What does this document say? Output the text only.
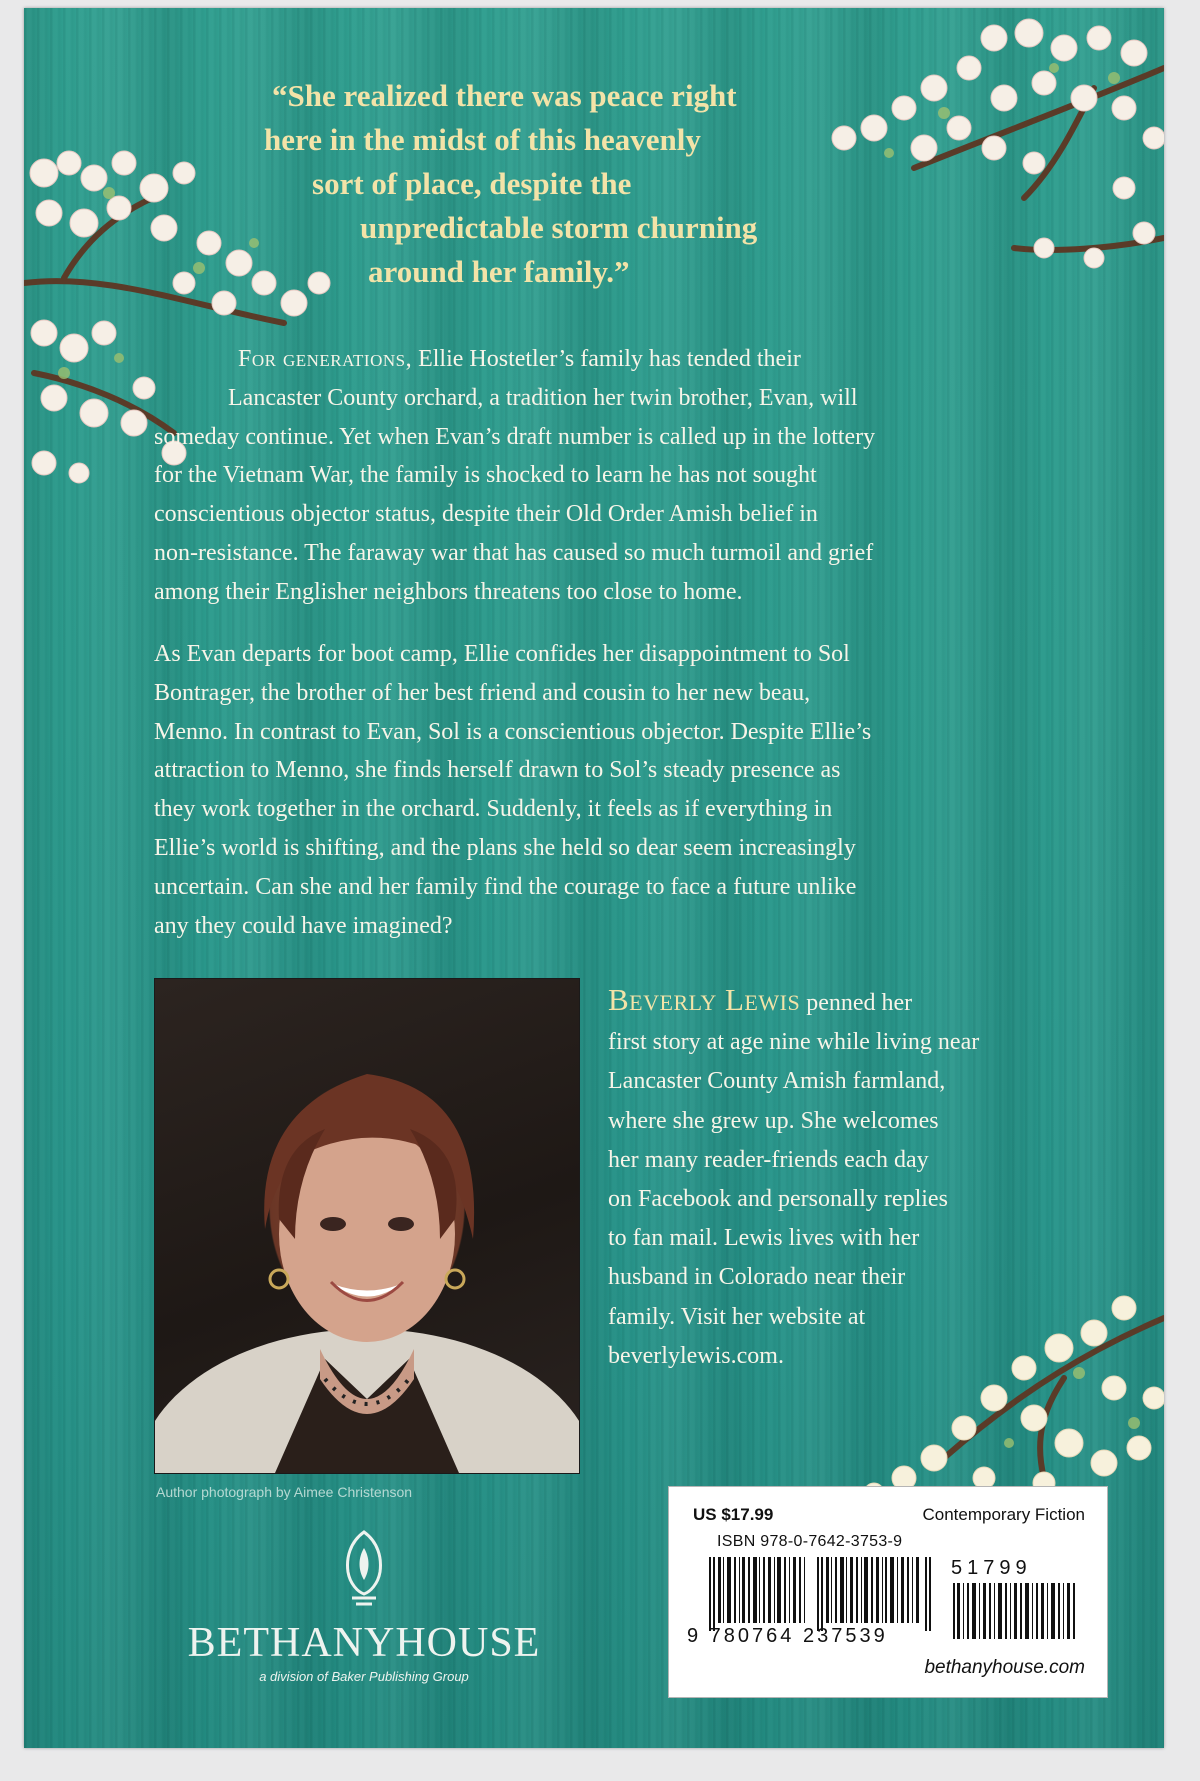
“She realized there was peace right
here in the midst of this heavenly
sort of place, despite the
unpredictable storm churning
around her family.”
For generations, Ellie Hostetler’s family has tended their
Lancaster County orchard, a tradition her twin brother, Evan, will
someday continue. Yet when Evan’s draft number is called up in the lottery
for the Vietnam War, the family is shocked to learn he has not sought
conscientious objector status, despite their Old Order Amish belief in
non-resistance. The faraway war that has caused so much turmoil and grief
among their Englisher neighbors threatens too close to home.
As Evan departs for boot camp, Ellie confides her disappointment to Sol
Bontrager, the brother of her best friend and cousin to her new beau,
Menno. In contrast to Evan, Sol is a conscientious objector. Despite Ellie’s
attraction to Menno, she finds herself drawn to Sol’s steady presence as
they work together in the orchard. Suddenly, it feels as if everything in
Ellie’s world is shifting, and the plans she held so dear seem increasingly
uncertain. Can she and her family find the courage to face a future unlike
any they could have imagined?
Author photograph by Aimee Christenson
Beverly Lewis penned her
first story at age nine while living near
Lancaster County Amish farmland,
where she grew up. She welcomes
her many reader-friends each day
on Facebook and personally replies
to fan mail. Lewis lives with her
husband in Colorado near their
family. Visit her website at
beverlylewis.com.
BETHANYHOUSE
a division of Baker Publishing Group
US $17.99	Contemporary Fiction
ISBN 978-0-7642-3753-9
51799
9 780764 237539
bethanyhouse.com
